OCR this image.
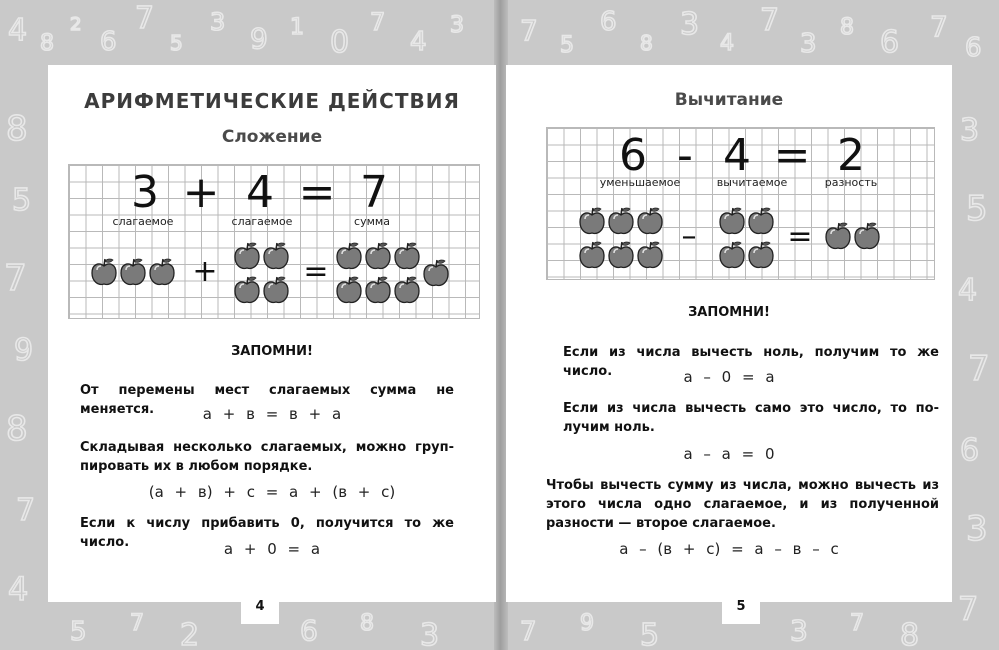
4 8
2
6
7
5
3 9 1 0
7
4
3 7 5
6
8
3
4
7
3
8 6 7
6
8
5
7
9
8
7
4
3
5
4
7
6
3
7
5 7 2	6 8 3	7 9 5	3 7 8
АРИФМЕТИЧЕСКИЕ ДЕЙСТВИЯ
Сложение
3 + 4 = 7
слагаемое	слагаемое	сумма
+	=
ЗАПОМНИ!
От перемены мест слагаемых сумма не меняется.	а + в = в + а
Складывая несколько слагаемых, можно группировать их в любом порядке.
(а + в) + с = а + (в + с)
Если к числу прибавить 0, получится то же число.	а + 0 = а
4
Вычитание
6 - 4 = 2
уменьшаемое	вычитаемое	разность
–	=
ЗАПОМНИ!
Если из числа вычесть ноль, получим то же число.	а – 0 = а
Если из числа вычесть само это число, то получим ноль.
а – а = 0
Чтобы вычесть сумму из числа, можно вычесть из этого числа одно слагаемое, и из полученной разности — второе слагаемое.
а – (в + с) = а – в – с
5
